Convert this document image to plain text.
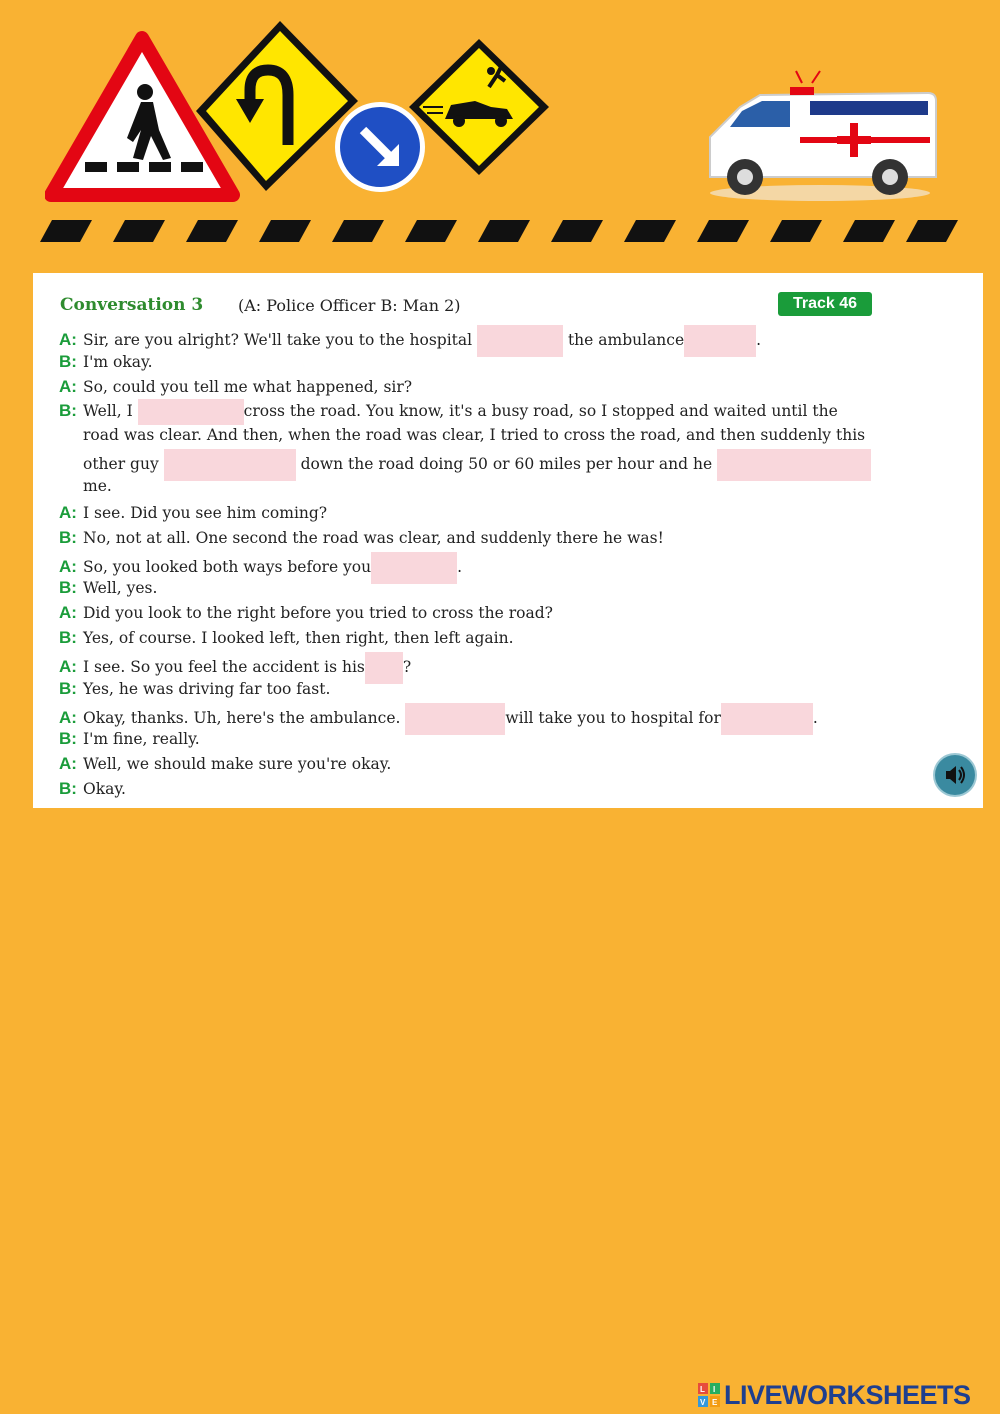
Conversation 3 (A: Police Officer B: Man 2)	Track 46
A: Sir, are you alright? We'll take you to the hospital	the ambulance	.
B: I'm okay.
A: So, could you tell me what happened, sir?
B: Well, I	cross the road. You know, it's a busy road, so I stopped and waited until the
road was clear. And then, when the road was clear, I tried to cross the road, and then suddenly this
other guy	down the road doing 50 or 60 miles per hour and he
me.
A: I see. Did you see him coming?
B: No, not at all. One second the road was clear, and suddenly there he was!
A: So, you looked both ways before you	.
B: Well, yes.
A: Did you look to the right before you tried to cross the road?
B: Yes, of course. I looked left, then right, then left again.
A: I see. So you feel the accident is his ?
B: Yes, he was driving far too fast.
A: Okay, thanks. Uh, here's the ambulance.	will take you to hospital for	.
B: I'm fine, really.
A: Well, we should make sure you're okay.
B: Okay.
L I
V E LIVEWORKSHEETS
